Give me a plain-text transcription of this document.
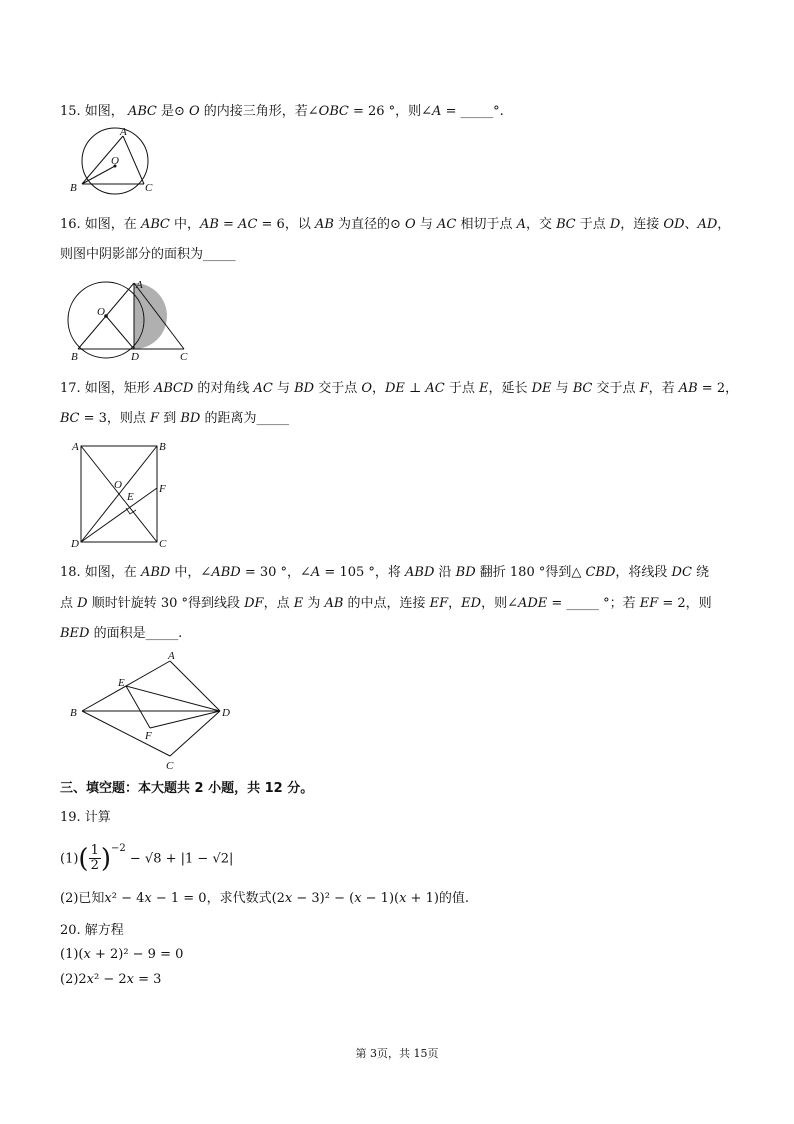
15. 如图， 𝐴𝐵𝐶 是⊙ 𝑂 的内接三角形，若∠𝑂𝐵𝐶 = 26 °，则∠𝐴 = _____°.
A
O
B	C
16. 如图，在 𝐴𝐵𝐶 中，𝐴𝐵 = 𝐴𝐶 = 6，以 𝐴𝐵 为直径的⊙ 𝑂 与 𝐴𝐶 相切于点 𝐴，交 𝐵𝐶 于点 𝐷，连接 𝑂𝐷、𝐴𝐷，
则图中阴影部分的面积为_____
A
O
B	D	C
17. 如图，矩形 𝐴𝐵𝐶𝐷 的对角线 𝐴𝐶 与 𝐵𝐷 交于点 𝑂，𝐷𝐸 ⊥ 𝐴𝐶 于点 𝐸，延长 𝐷𝐸 与 𝐵𝐶 交于点 𝐹，若 𝐴𝐵 = 2，
𝐵𝐶 = 3，则点 𝐹 到 𝐵𝐷 的距离为_____
A	B
O	F
E
D	C
18. 如图，在 𝐴𝐵𝐷 中，∠𝐴𝐵𝐷 = 30 °，∠𝐴 = 105 °，将 𝐴𝐵𝐷 沿 𝐵𝐷 翻折 180 °得到△ 𝐶𝐵𝐷，将线段 𝐷𝐶 绕
点 𝐷 顺时针旋转 30 °得到线段 𝐷𝐹，点 𝐸 为 𝐴𝐵 的中点，连接 𝐸𝐹，𝐸𝐷，则∠𝐴𝐷𝐸 = _____ °；若 𝐸𝐹 = 2，则
𝐵𝐸𝐷 的面积是_____.
A
E
B	D
F
C
三、填空题：本大题共 2 小题，共 12 分。
19. 计算
$(1)( \frac{1}{2} )^{-2} - √8 + |1 - √2|$
(2)已知𝑥² − 4𝑥 − 1 = 0，求代数式(2𝑥 − 3)² − (𝑥 − 1)(𝑥 + 1)的值.
20. 解方程
(1)(𝑥 + 2)² − 9 = 0
(2)2𝑥² − 2𝑥 = 3
第 3页，共 15页
